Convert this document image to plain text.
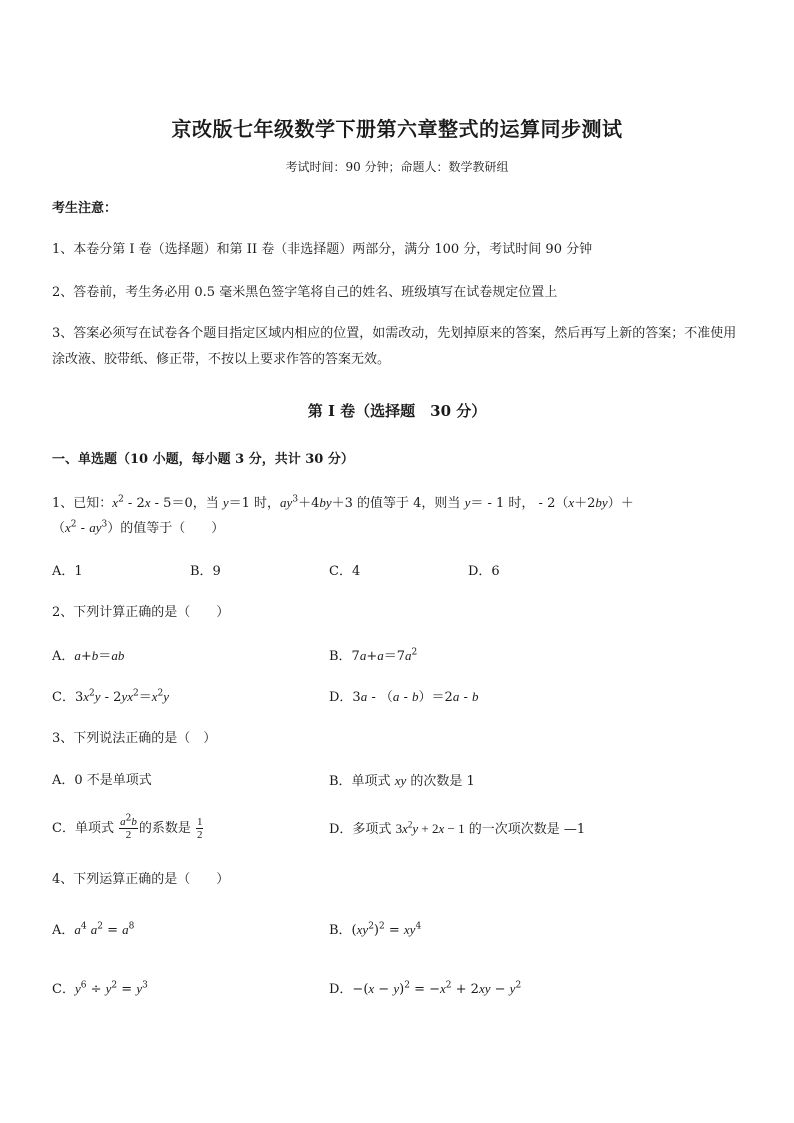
京改版七年级数学下册第六章整式的运算同步测试
考试时间：90 分钟；命题人：数学教研组
考生注意：
1、本卷分第 I 卷（选择题）和第 II 卷（非选择题）两部分，满分 100 分，考试时间 90 分钟
2、答卷前，考生务必用 0.5 毫米黑色签字笔将自己的姓名、班级填写在试卷规定位置上
3、答案必须写在试卷各个题目指定区域内相应的位置，如需改动，先划掉原来的答案，然后再写上新的答案；不准使用涂改液、胶带纸、修正带，不按以上要求作答的答案无效。
第 I 卷（选择题　30 分）
一、单选题（10 小题，每小题 3 分，共计 30 分）
1、已知：$x^2 - 2x - 5=0$，当 y＝1 时，$ay^3+4by+3$ 的值等于 4，则当 y＝ - 1 时， - 2（x＋2by）＋
$(x^2 - ay^3)$的值等于（　　）
A．1	B．9	C．4	D．6
2、下列计算正确的是（　　）
A．a+b＝ab	B．$7a+a=7a^2$
C．$3x^2y - 2yx^2=x^2y$	D．3a - （a - b）＝2a - b
3、下列说法正确的是（　）
A．0 不是单项式	B．单项式 xy 的次数是 1
C．单项式 $\frac{a^2b}{2}$ 的系数是 $\frac{1}{2}$	D．多项式 $3x^2y + 2x - 1$ 的一次项次数是 —1
4、下列运算正确的是（　　）
A．$a^4$ $a^2 = a^8$	B．$(xy^2)^2 = xy^4$
C．$y^6 \div y^2 = y^3$	D．$-(x - y)^2 = -x^2 + 2xy - y^2$
